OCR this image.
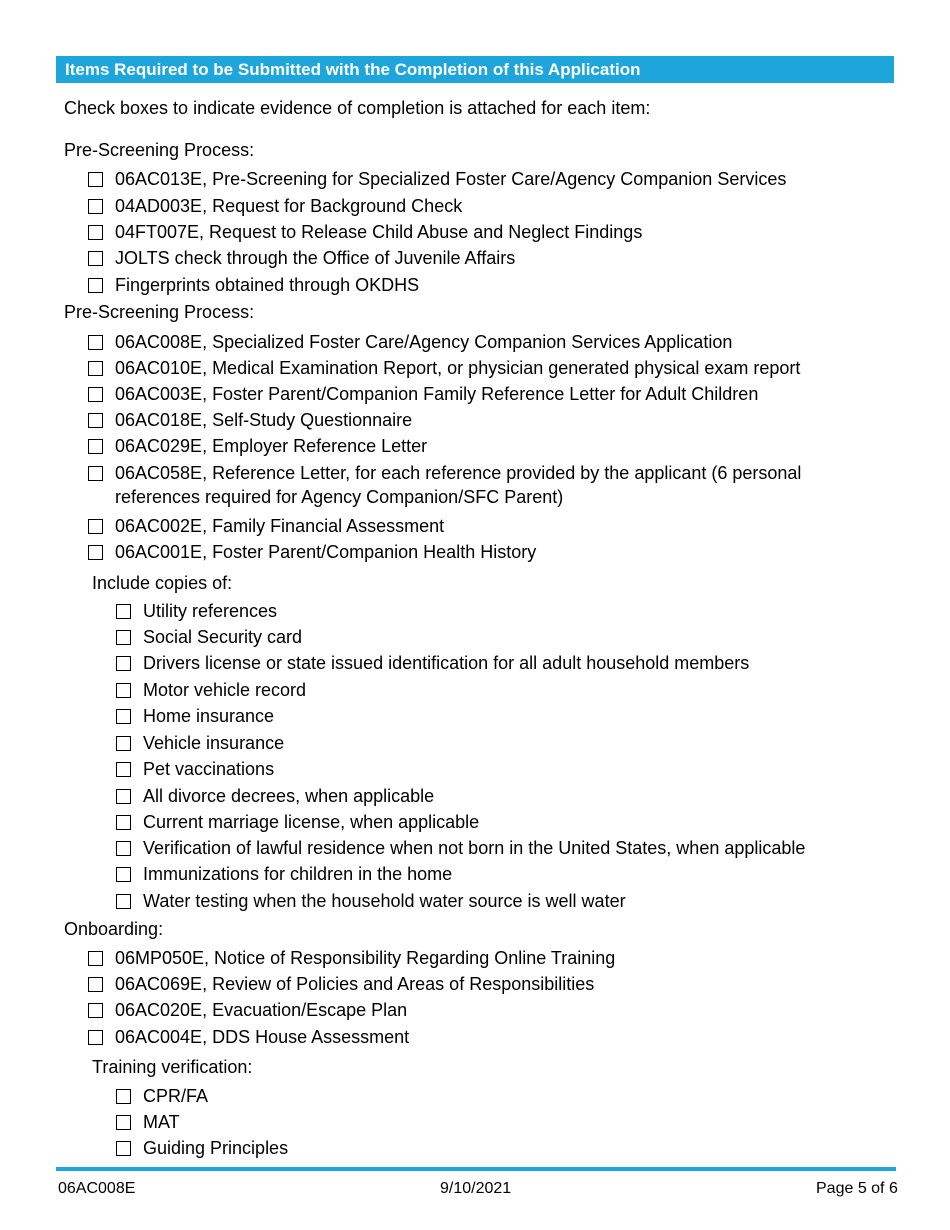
Items Required to be Submitted with the Completion of this Application
Check boxes to indicate evidence of completion is attached for each item:
Pre-Screening Process:
06AC013E, Pre-Screening for Specialized Foster Care/Agency Companion Services
04AD003E, Request for Background Check
04FT007E, Request to Release Child Abuse and Neglect Findings
JOLTS check through the Office of Juvenile Affairs
Fingerprints obtained through OKDHS
Pre-Screening Process:
06AC008E, Specialized Foster Care/Agency Companion Services Application
06AC010E, Medical Examination Report, or physician generated physical exam report
06AC003E, Foster Parent/Companion Family Reference Letter for Adult Children
06AC018E, Self-Study Questionnaire
06AC029E, Employer Reference Letter
06AC058E, Reference Letter, for each reference provided by the applicant (6 personal references required for Agency Companion/SFC Parent)
06AC002E, Family Financial Assessment
06AC001E, Foster Parent/Companion Health History
Include copies of:
Utility references
Social Security card
Drivers license or state issued identification for all adult household members
Motor vehicle record
Home insurance
Vehicle insurance
Pet vaccinations
All divorce decrees, when applicable
Current marriage license, when applicable
Verification of lawful residence when not born in the United States, when applicable
Immunizations for children in the home
Water testing when the household water source is well water
Onboarding:
06MP050E, Notice of Responsibility Regarding Online Training
06AC069E, Review of Policies and Areas of Responsibilities
06AC020E, Evacuation/Escape Plan
06AC004E, DDS House Assessment
Training verification:
CPR/FA
MAT
Guiding Principles
06AC008E	9/10/2021	Page 5 of 6
